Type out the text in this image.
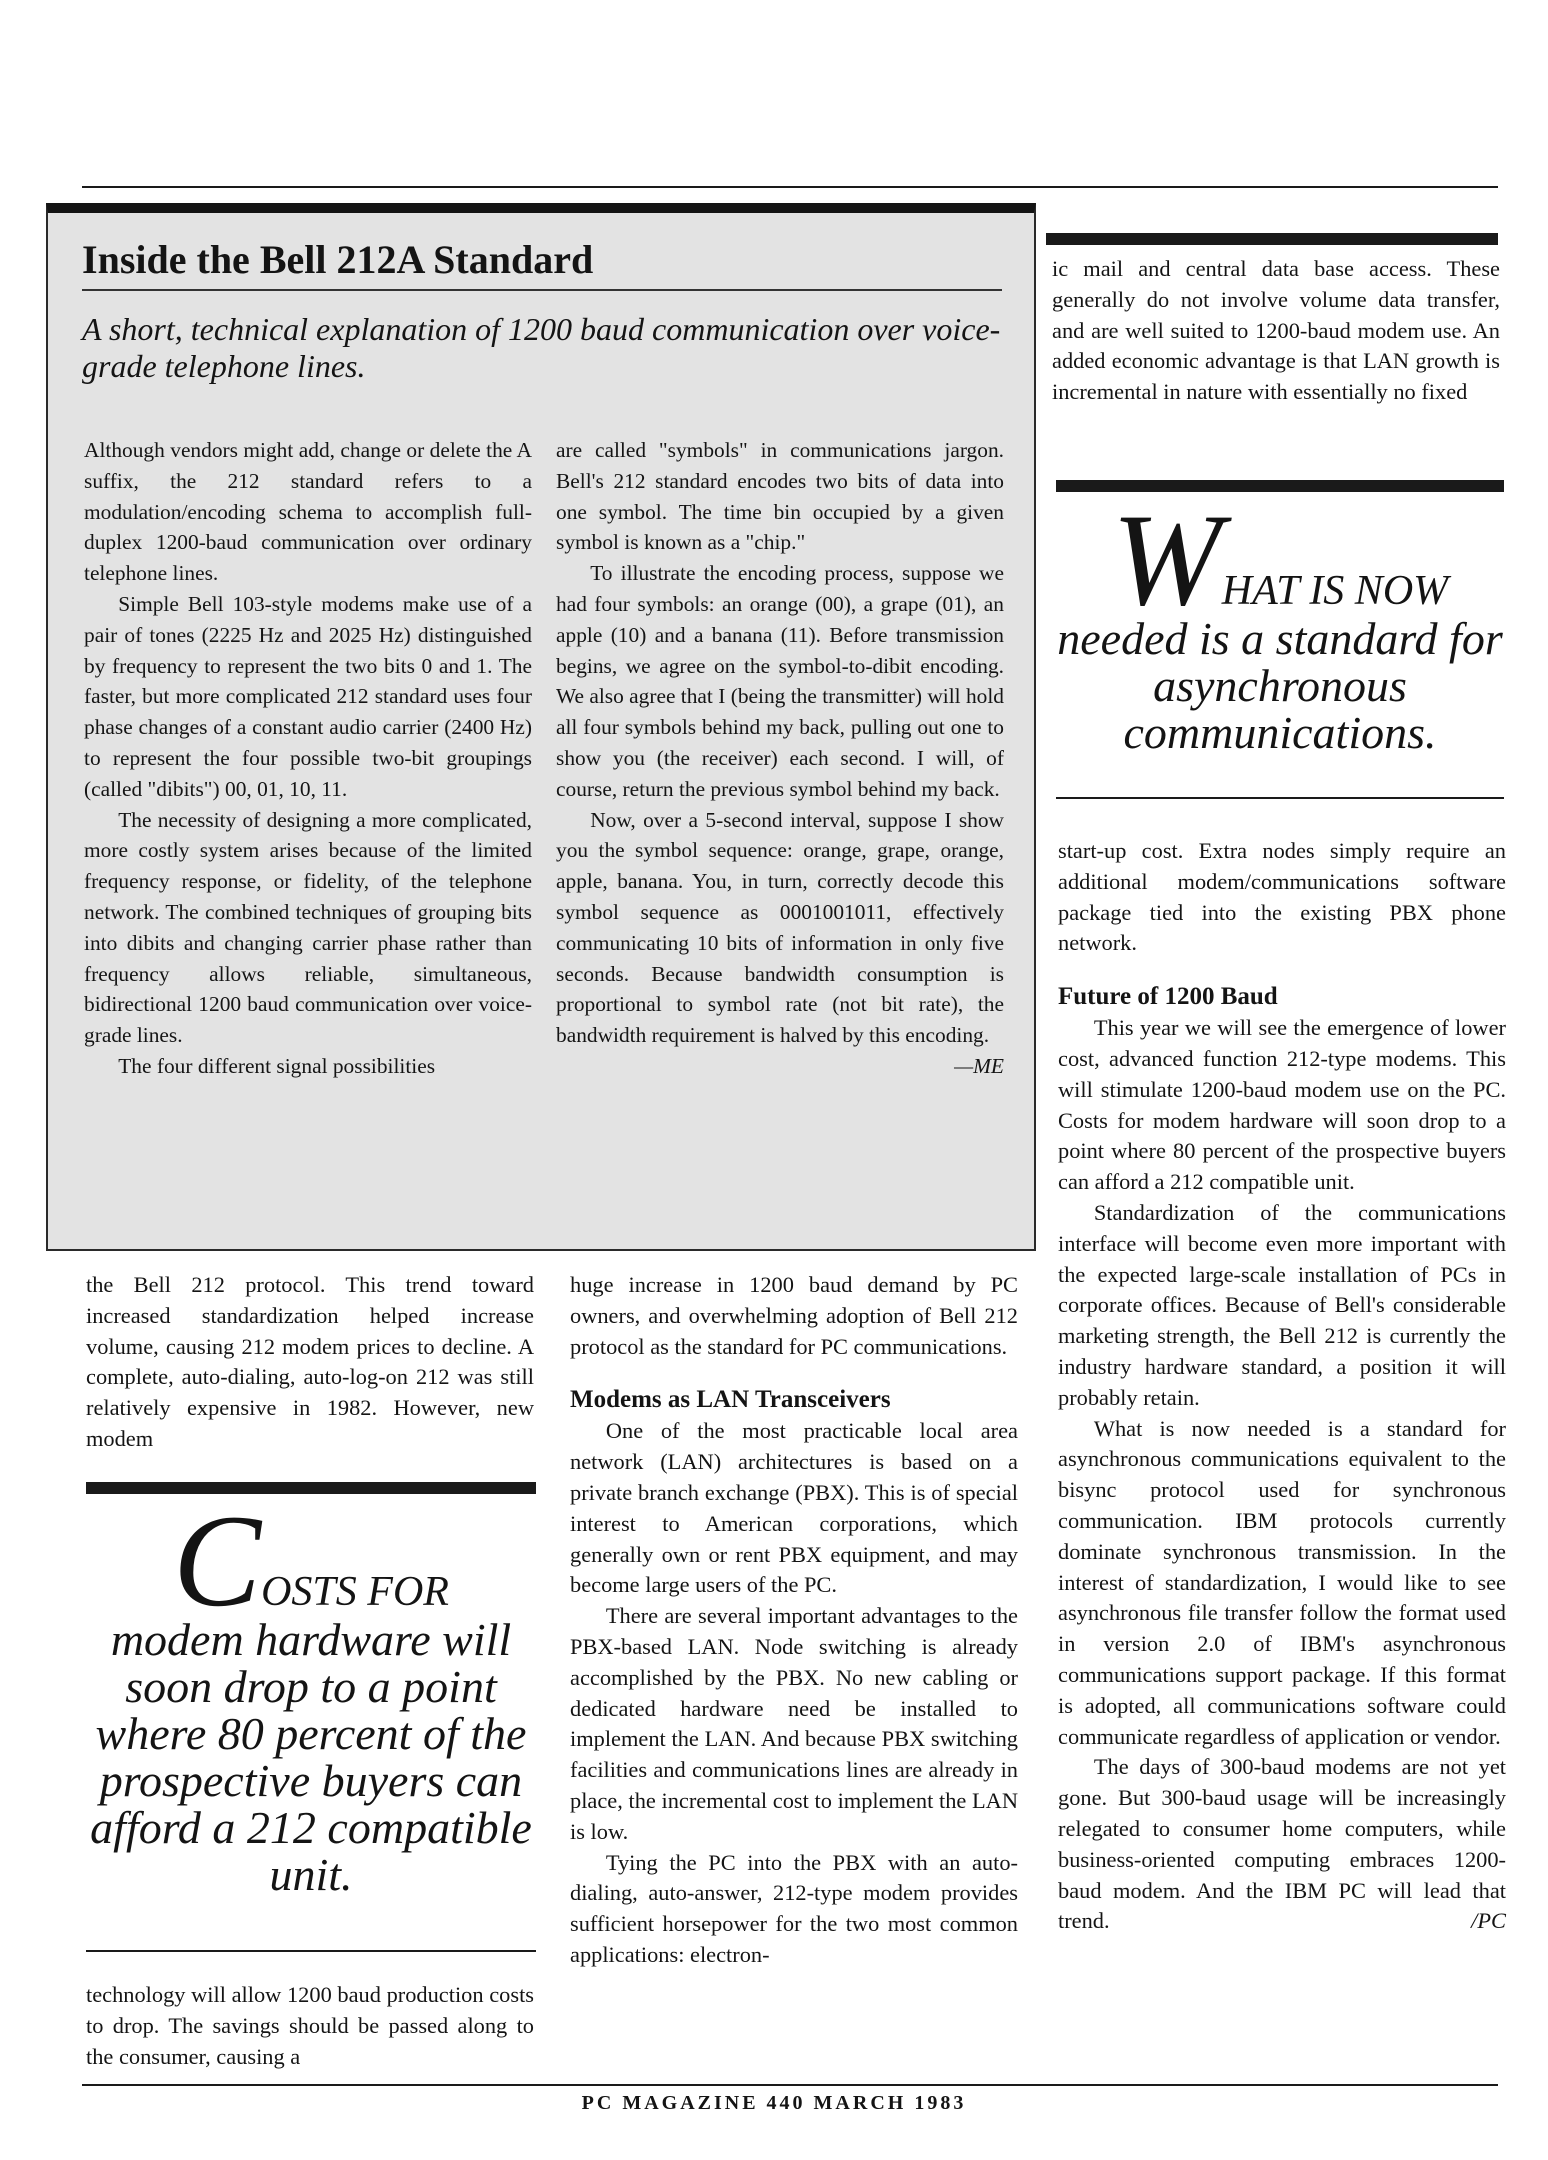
Inside the Bell 212A Standard
A short, technical explanation of 1200 baud communication over voice-grade telephone lines.

Although vendors might add, change or delete the A suffix, the 212 standard refers to a modulation/encoding schema to accomplish full-duplex 1200-baud communication over ordinary telephone lines.

Simple Bell 103-style modems make use of a pair of tones (2225 Hz and 2025 Hz) distinguished by frequency to represent the two bits 0 and 1. The faster, but more complicated 212 standard uses four phase changes of a constant audio carrier (2400 Hz) to represent the four possible two-bit groupings (called "dibits") 00, 01, 10, 11.

The necessity of designing a more complicated, more costly system arises because of the limited frequency response, or fidelity, of the telephone network. The combined techniques of grouping bits into dibits and changing carrier phase rather than frequency allows reliable, simultaneous, bidirectional 1200 baud communication over voice-grade lines.

The four different signal possibilities

are called "symbols" in communications jargon. Bell's 212 standard encodes two bits of data into one symbol. The time bin occupied by a given symbol is known as a "chip."

To illustrate the encoding process, suppose we had four symbols: an orange (00), a grape (01), an apple (10) and a banana (11). Before transmission begins, we agree on the symbol-to-dibit encoding. We also agree that I (being the transmitter) will hold all four symbols behind my back, pulling out one to show you (the receiver) each second. I will, of course, return the previous symbol behind my back.

Now, over a 5-second interval, suppose I show you the symbol sequence: orange, grape, orange, apple, banana. You, in turn, correctly decode this symbol sequence as 0001001011, effectively communicating 10 bits of information in only five seconds. Because bandwidth consumption is proportional to symbol rate (not bit rate), the bandwidth requirement is halved by this encoding.
—ME

the Bell 212 protocol. This trend toward increased standardization helped increase volume, causing 212 modem prices to decline. A complete, auto-dialing, auto-log-on 212 was still relatively expensive in 1982. However, new modem

COSTS FOR
modem hardware will soon drop to a point where 80 percent of the prospective buyers can afford a 212 compatible unit.

technology will allow 1200 baud production costs to drop. The savings should be passed along to the consumer, causing a

huge increase in 1200 baud demand by PC owners, and overwhelming adoption of Bell 212 protocol as the standard for PC communications.

Modems as LAN Transceivers

One of the most practicable local area network (LAN) architectures is based on a private branch exchange (PBX). This is of special interest to American corporations, which generally own or rent PBX equipment, and may become large users of the PC.

There are several important advantages to the PBX-based LAN. Node switching is already accomplished by the PBX. No new cabling or dedicated hardware need be installed to implement the LAN. And because PBX switching facilities and communications lines are already in place, the incremental cost to implement the LAN is low.

Tying the PC into the PBX with an auto-dialing, auto-answer, 212-type modem provides sufficient horsepower for the two most common applications: electron-

ic mail and central data base access. These generally do not involve volume data transfer, and are well suited to 1200-baud modem use. An added economic advantage is that LAN growth is incremental in nature with essentially no fixed

WHAT IS NOW
needed is a standard for asynchronous communications.

start-up cost. Extra nodes simply require an additional modem/communications software package tied into the existing PBX phone network.

Future of 1200 Baud

This year we will see the emergence of lower cost, advanced function 212-type modems. This will stimulate 1200-baud modem use on the PC. Costs for modem hardware will soon drop to a point where 80 percent of the prospective buyers can afford a 212 compatible unit.

Standardization of the communications interface will become even more important with the expected large-scale installation of PCs in corporate offices. Because of Bell's considerable marketing strength, the Bell 212 is currently the industry hardware standard, a position it will probably retain.

What is now needed is a standard for asynchronous communications equivalent to the bisync protocol used for synchronous communication. IBM protocols currently dominate synchronous transmission. In the interest of standardization, I would like to see asynchronous file transfer follow the format used in version 2.0 of IBM's asynchronous communications support package. If this format is adopted, all communications software could communicate regardless of application or vendor.

The days of 300-baud modems are not yet gone. But 300-baud usage will be increasingly relegated to consumer home computers, while business-oriented computing embraces 1200-baud modem. And the IBM PC will lead that trend.	/PC

PC MAGAZINE 440 MARCH 1983
